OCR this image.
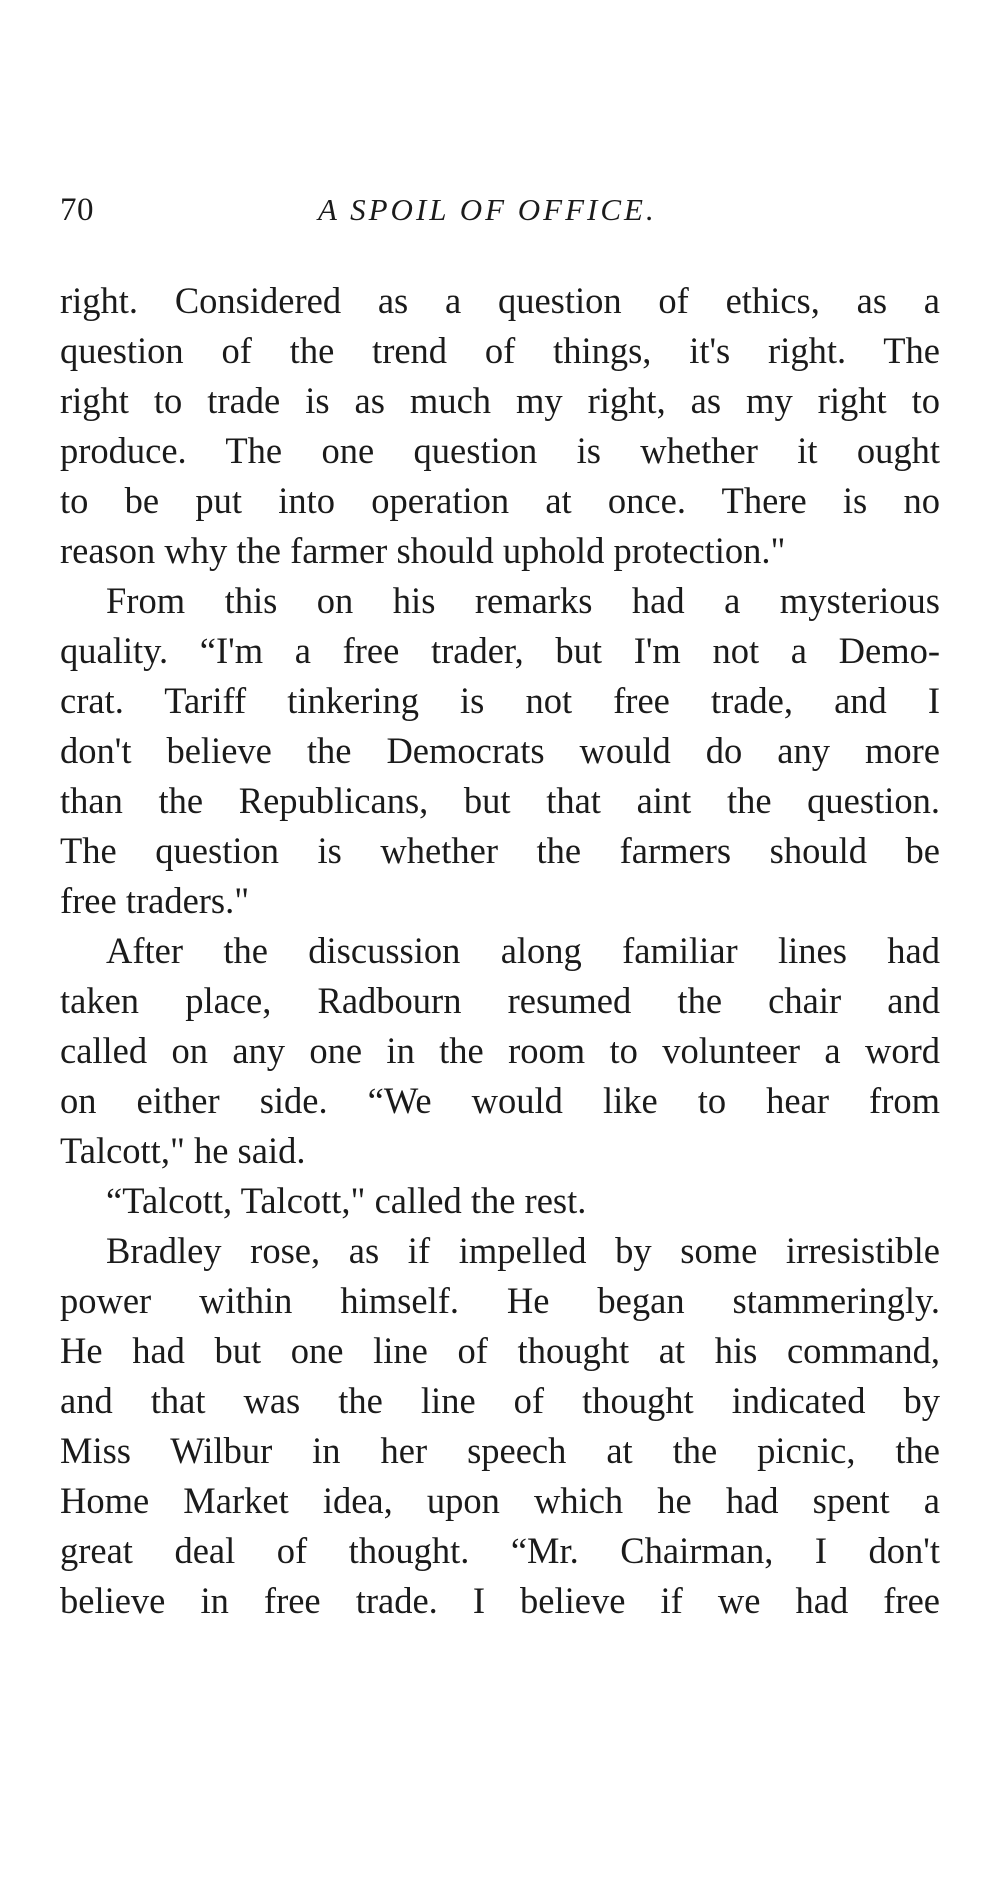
70	A SPOIL OF OFFICE.
right. Considered as a question of ethics, as a
question of the trend of things, it's right. The
right to trade is as much my right, as my right to
produce. The one question is whether it ought
to be put into operation at once. There is no
reason why the farmer should uphold protection."
From this on his remarks had a mysterious
quality. “I'm a free trader, but I'm not a Demo-
crat. Tariff tinkering is not free trade, and I
don't believe the Democrats would do any more
than the Republicans, but that aint the question.
The question is whether the farmers should be
free traders."
After the discussion along familiar lines had
taken place, Radbourn resumed the chair and
called on any one in the room to volunteer a word
on either side. “We would like to hear from
Talcott," he said.
“Talcott, Talcott," called the rest.
Bradley rose, as if impelled by some irresistible
power within himself. He began stammeringly.
He had but one line of thought at his command,
and that was the line of thought indicated by
Miss Wilbur in her speech at the picnic, the
Home Market idea, upon which he had spent a
great deal of thought. “Mr. Chairman, I don't
believe in free trade. I believe if we had free
